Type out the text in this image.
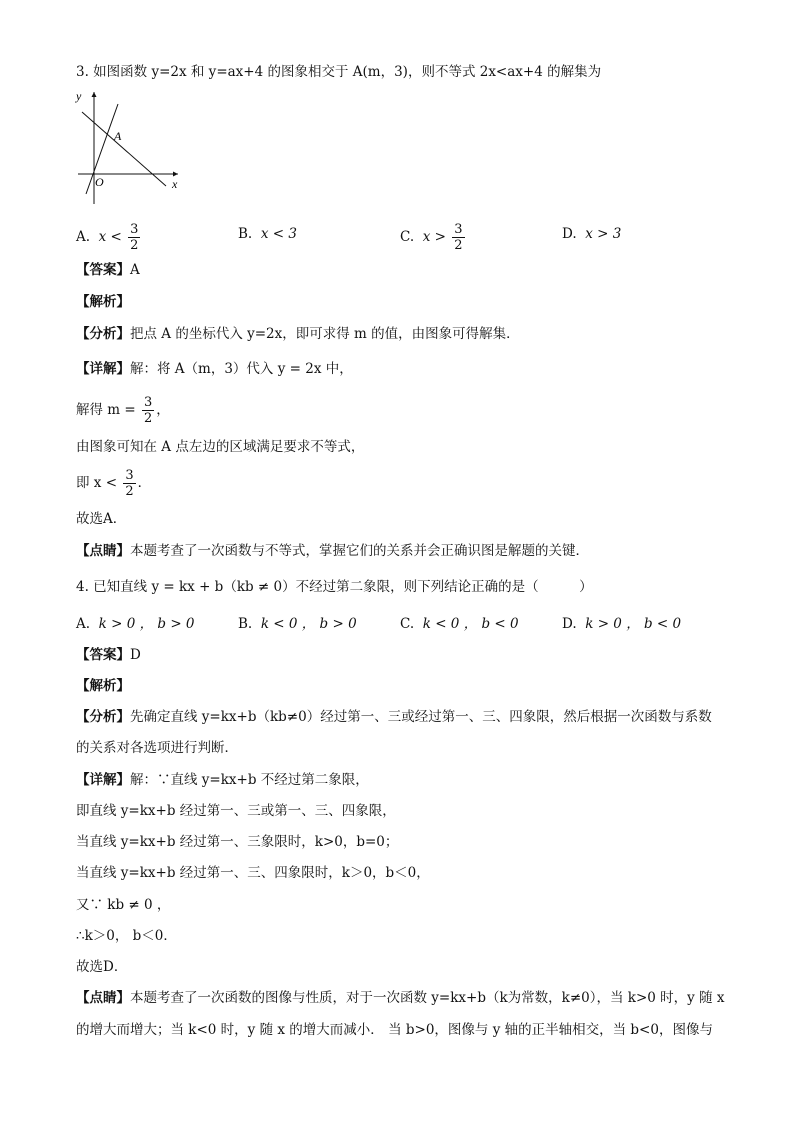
3. 如图函数 y=2x 和 y=ax+4 的图象相交于 A(m，3)，则不等式 2x<ax+4 的解集为
y
x
O
A
A. $x < \frac{3}{2}$	B. x < 3	C. $x > \frac{3}{2}$	D. x > 3
【答案】A
【解析】
【分析】把点 A 的坐标代入 y=2x，即可求得 m 的值，由图象可得解集．
【详解】解：将 A（m，3）代入 y = 2x 中，
解得 $m = \frac{3}{2}$ ，
由图象可知在 A 点左边的区域满足要求不等式，
即 $x < \frac{3}{2}$ ．
故选A．
【点睛】本题考查了一次函数与不等式，掌握它们的关系并会正确识图是解题的关键．
4. 已知直线 y = kx + b（kb ≠ 0）不经过第二象限，则下列结论正确的是（　　　）
A. k > 0 ， b > 0	B. k < 0 ， b > 0	C. k < 0 ， b < 0	D. k > 0 ， b < 0
【答案】D
【解析】
【分析】先确定直线 y=kx+b（kb≠0）经过第一、三或经过第一、三、四象限，然后根据一次函数与系数
的关系对各选项进行判断．
【详解】解：∵直线 y=kx+b 不经过第二象限，
即直线 y=kx+b 经过第一、三或第一、三、四象限，
当直线 y=kx+b 经过第一、三象限时，k>0，b=0；
当直线 y=kx+b 经过第一、三、四象限时，k＞0，b＜0，
又∵ kb ≠ 0 ，
∴k＞0， b＜0．
故选D．
【点睛】本题考查了一次函数的图像与性质，对于一次函数 y=kx+b（k为常数，k≠0），当 k>0 时，y 随 x
的增大而增大；当 k<0 时，y 随 x 的增大而减小． 当 b>0，图像与 y 轴的正半轴相交，当 b<0，图像与
